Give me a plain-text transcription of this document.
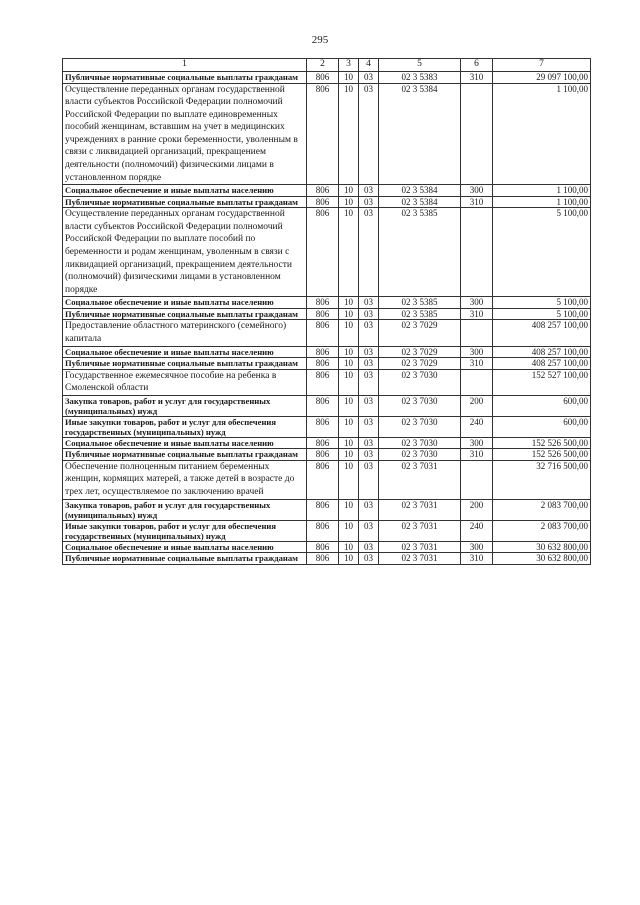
295
1	2	3	4	5	6	7
Публичные нормативные социальные выплаты гражданам	806	10	03	02 3 5383	310	29 097 100,00
Осуществление переданных органам государственной власти субъектов Российской Федерации полномочий Российской Федерации по выплате единовременных пособий женщинам, вставшим на учет в медицинских учреждениях в ранние сроки беременности, уволенным в связи с ликвидацией организаций, прекращением деятельности (полномочий) физическими лицами в установленном порядке	806	10	03	02 3 5384		1 100,00
Социальное обеспечение и иные выплаты населению	806	10	03	02 3 5384	300	1 100,00
Публичные нормативные социальные выплаты гражданам	806	10	03	02 3 5384	310	1 100,00
Осуществление переданных органам государственной власти субъектов Российской Федерации полномочий Российской Федерации по выплате пособий по беременности и родам женщинам, уволенным в связи с ликвидацией организаций, прекращением деятельности (полномочий) физическими лицами в установленном порядке	806	10	03	02 3 5385		5 100,00
Социальное обеспечение и иные выплаты населению	806	10	03	02 3 5385	300	5 100,00
Публичные нормативные социальные выплаты гражданам	806	10	03	02 3 5385	310	5 100,00
Предоставление областного материнского (семейного) капитала	806	10	03	02 3 7029		408 257 100,00
Социальное обеспечение и иные выплаты населению	806	10	03	02 3 7029	300	408 257 100,00
Публичные нормативные социальные выплаты гражданам	806	10	03	02 3 7029	310	408 257 100,00
Государственное ежемесячное пособие на ребенка в Смоленской области	806	10	03	02 3 7030		152 527 100,00
Закупка товаров, работ и услуг для государственных (муниципальных) нужд	806	10	03	02 3 7030	200	600,00
Иные закупки товаров, работ и услуг для обеспечения государственных (муниципальных) нужд	806	10	03	02 3 7030	240	600,00
Социальное обеспечение и иные выплаты населению	806	10	03	02 3 7030	300	152 526 500,00
Публичные нормативные социальные выплаты гражданам	806	10	03	02 3 7030	310	152 526 500,00
Обеспечение полноценным питанием беременных женщин, кормящих матерей, а также детей в возрасте до трех лет, осуществляемое по заключению врачей	806	10	03	02 3 7031		32 716 500,00
Закупка товаров, работ и услуг для государственных (муниципальных) нужд	806	10	03	02 3 7031	200	2 083 700,00
Иные закупки товаров, работ и услуг для обеспечения государственных (муниципальных) нужд	806	10	03	02 3 7031	240	2 083 700,00
Социальное обеспечение и иные выплаты населению	806	10	03	02 3 7031	300	30 632 800,00
Публичные нормативные социальные выплаты гражданам	806	10	03	02 3 7031	310	30 632 800,00
